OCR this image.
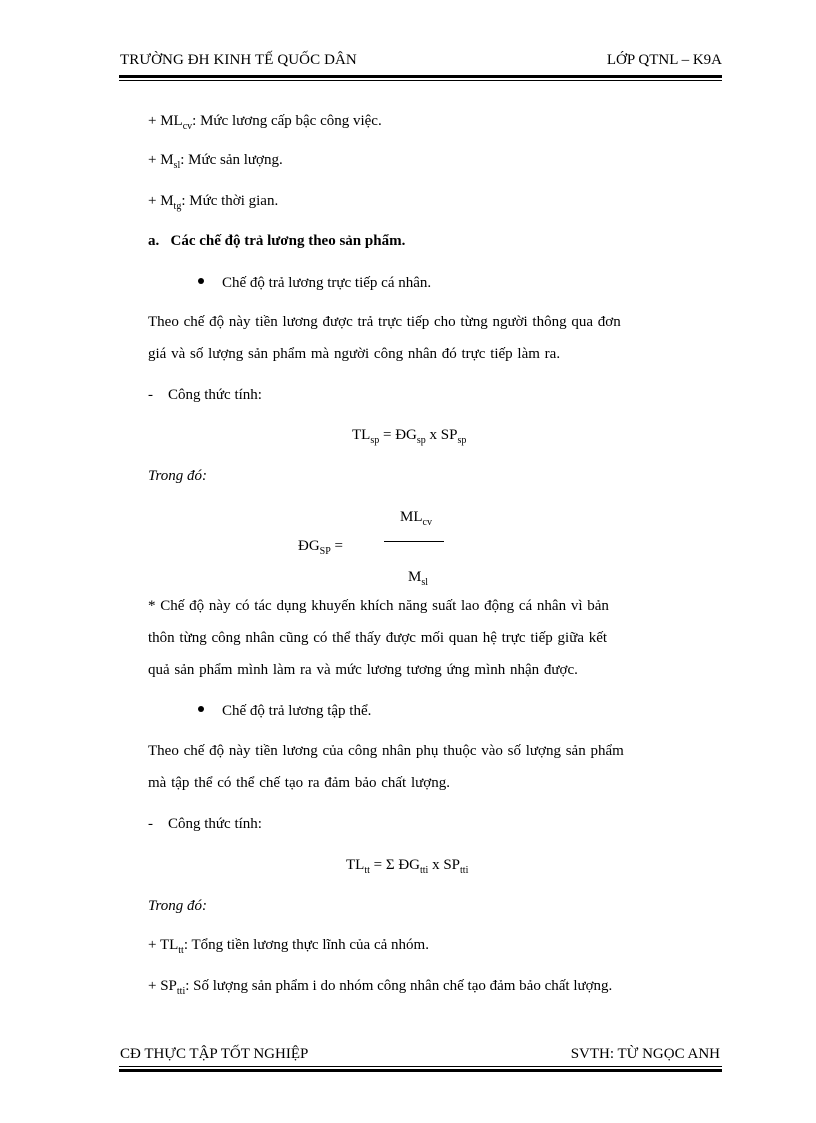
TRƯỜNG ĐH KINH TẾ QUỐC DÂN	LỚP QTNL – K9A
+ $ML_{cv}$: Mức lương cấp bậc công việc.
+ $M_{sl}$: Mức sản lượng.
+ $M_{tg}$: Mức thời gian.
a.   Các chế độ trả lương theo sản phẩm.
Chế độ trả lương trực tiếp cá nhân.
Theo chế độ này tiền lương được trả trực tiếp cho từng người thông qua đơn
giá và số lượng sản phẩm mà người công nhân đó trực tiếp làm ra.
-    Công thức tính:
$TL_{sp}$ = $ĐG_{sp}$ x $SP_{sp}$
Trong đó:
$ĐG_{SP}$ =
$ML_{cv}$
$M_{sl}$
* Chế độ này có tác dụng khuyến khích năng suất lao động cá nhân vì bản
thôn từng công nhân cũng có thể thấy được mối quan hệ trực tiếp giữa kết
quả sản phẩm mình làm ra và mức lương tương ứng mình nhận được.
Chế độ trả lương tập thể.
Theo chế độ này tiền lương của công nhân phụ thuộc vào số lượng sản phẩm
mà tập thể có thể chế tạo ra đảm bảo chất lượng.
-    Công thức tính:
$TL_{tt} = \Sigma$ $ĐG_{tti}$ x $SP_{tti}$
Trong đó:
+ $TL_{tt}$: Tổng tiền lương thực lĩnh của cả nhóm.
+ $SP_{tti}$: Số lượng sản phẩm i do nhóm công nhân chế tạo đảm bảo chất lượng.
CĐ THỰC TẬP TỐT NGHIỆP	SVTH: TỪ NGỌC ANH
